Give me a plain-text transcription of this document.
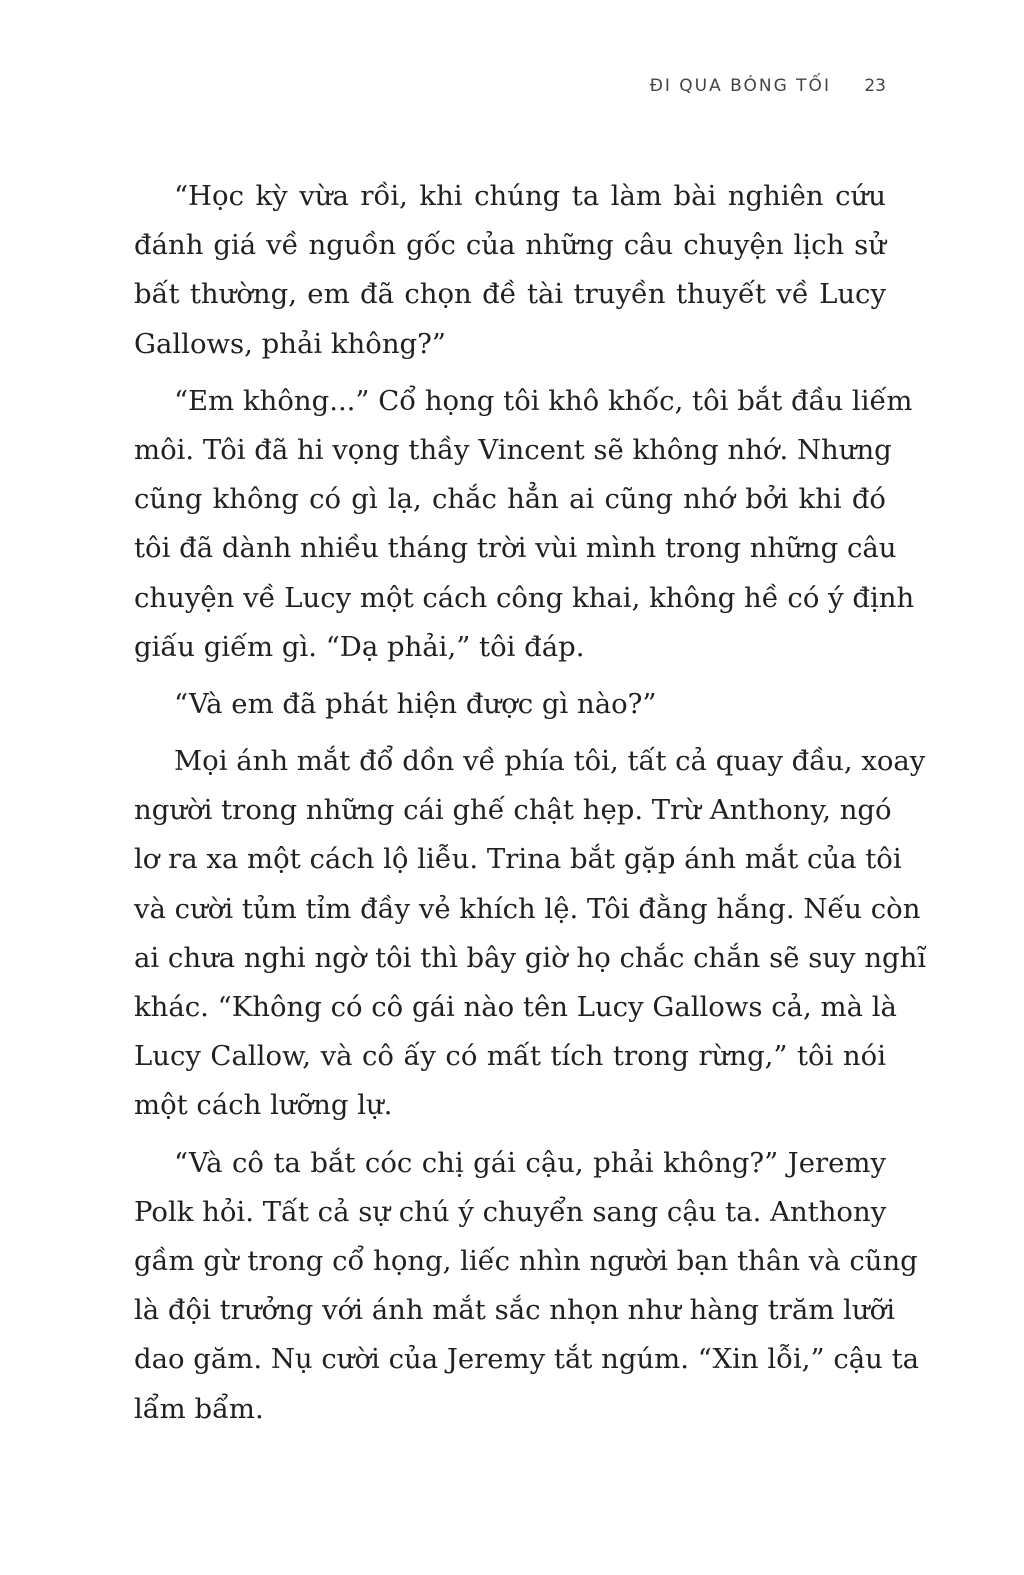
ĐI QUA BÓNG TỐI 23
“Học kỳ vừa rồi, khi chúng ta làm bài nghiên cứu
đánh giá về nguồn gốc của những câu chuyện lịch sử
bất thường, em đã chọn đề tài truyền thuyết về Lucy
Gallows, phải không?”
“Em không...” Cổ họng tôi khô khốc, tôi bắt đầu liếm
môi. Tôi đã hi vọng thầy Vincent sẽ không nhớ. Nhưng
cũng không có gì lạ, chắc hẳn ai cũng nhớ bởi khi đó
tôi đã dành nhiều tháng trời vùi mình trong những câu
chuyện về Lucy một cách công khai, không hề có ý định
giấu giếm gì. “Dạ phải,” tôi đáp.
“Và em đã phát hiện được gì nào?”
Mọi ánh mắt đổ dồn về phía tôi, tất cả quay đầu, xoay
người trong những cái ghế chật hẹp. Trừ Anthony, ngó
lơ ra xa một cách lộ liễu. Trina bắt gặp ánh mắt của tôi
và cười tủm tỉm đầy vẻ khích lệ. Tôi đằng hắng. Nếu còn
ai chưa nghi ngờ tôi thì bây giờ họ chắc chắn sẽ suy nghĩ
khác. “Không có cô gái nào tên Lucy Gallows cả, mà là
Lucy Callow, và cô ấy có mất tích trong rừng,” tôi nói
một cách lưỡng lự.
“Và cô ta bắt cóc chị gái cậu, phải không?” Jeremy
Polk hỏi. Tất cả sự chú ý chuyển sang cậu ta. Anthony
gầm gừ trong cổ họng, liếc nhìn người bạn thân và cũng
là đội trưởng với ánh mắt sắc nhọn như hàng trăm lưỡi
dao găm. Nụ cười của Jeremy tắt ngúm. “Xin lỗi,” cậu ta
lẩm bẩm.
